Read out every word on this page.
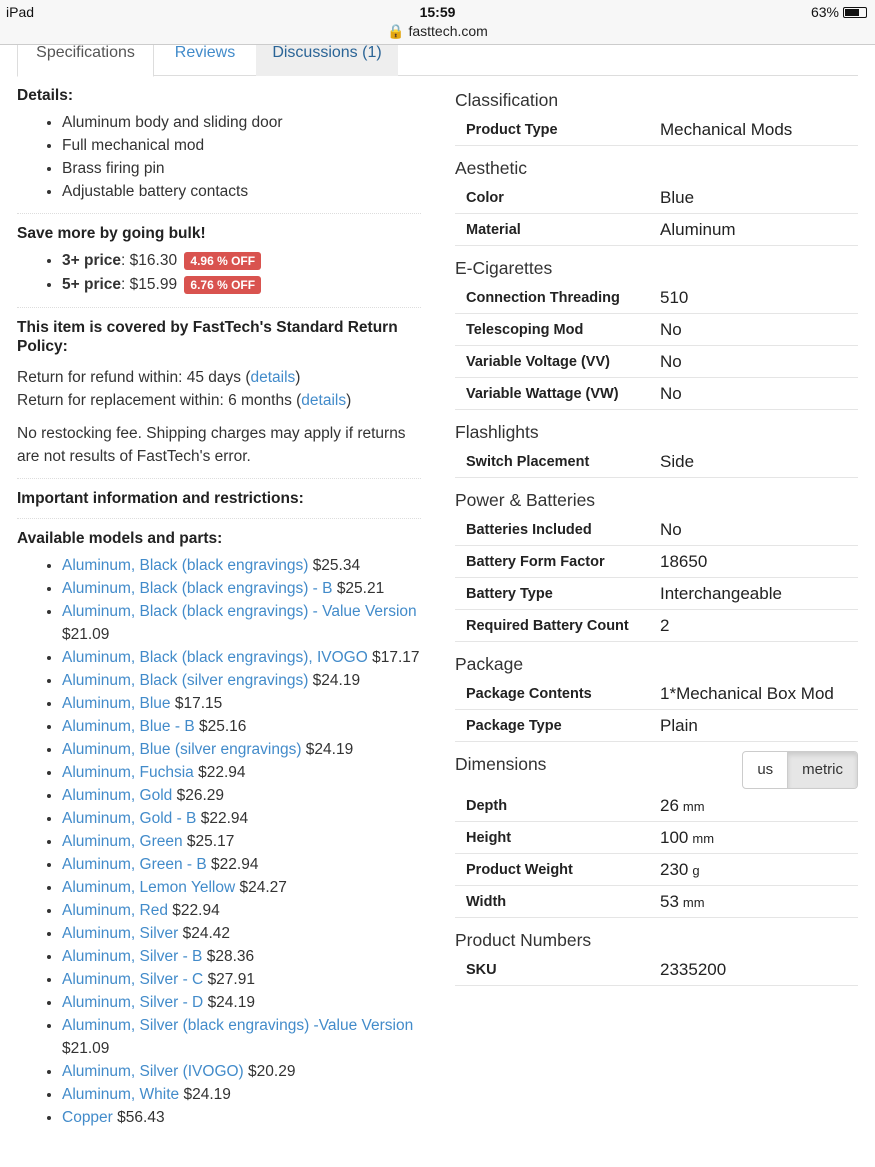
iPad	15:59
🔒 fasttech.com
63%
Specifications	Reviews	Discussions (1)
Details:
• Aluminum body and sliding door
• Full mechanical mod
• Brass firing pin
• Adjustable battery contacts
Save more by going bulk!
• 3+ price: $16.30 4.96 % OFF
• 5+ price: $15.99 6.76 % OFF
This item is covered by FastTech's Standard Return Policy:
Return for refund within: 45 days (details)
Return for replacement within: 6 months (details)
No restocking fee. Shipping charges may apply if returns are not results of FastTech's error.
Important information and restrictions:
Available models and parts:
• Aluminum, Black (black engravings) $25.34
• Aluminum, Black (black engravings) - B $25.21
• Aluminum, Black (black engravings) - Value Version $21.09
• Aluminum, Black (black engravings), IVOGO $17.17
• Aluminum, Black (silver engravings) $24.19
• Aluminum, Blue $17.15
• Aluminum, Blue - B $25.16
• Aluminum, Blue (silver engravings) $24.19
• Aluminum, Fuchsia $22.94
• Aluminum, Gold $26.29
• Aluminum, Gold - B $22.94
• Aluminum, Green $25.17
• Aluminum, Green - B $22.94
• Aluminum, Lemon Yellow $24.27
• Aluminum, Red $22.94
• Aluminum, Silver $24.42
• Aluminum, Silver - B $28.36
• Aluminum, Silver - C $27.91
• Aluminum, Silver - D $24.19
• Aluminum, Silver (black engravings) -Value Version $21.09
• Aluminum, Silver (IVOGO) $20.29
• Aluminum, White $24.19
• Copper $56.43
Classification
Product Type	Mechanical Mods
Aesthetic
Color	Blue
Material	Aluminum
E-Cigarettes
Connection Threading 510
Telescoping Mod	No
Variable Voltage (VV)	No
Variable Wattage (VW) No
Flashlights
Switch Placement	Side
Power & Batteries
Batteries Included	No
Battery Form Factor	18650
Battery Type	Interchangeable
Required Battery Count 2
Package
Package Contents	1*Mechanical Box Mod
Package Type	Plain
Dimensions	us	metric
Depth	26 mm
Height	100 mm
Product Weight	230 g
Width	53 mm
Product Numbers
SKU	2335200
